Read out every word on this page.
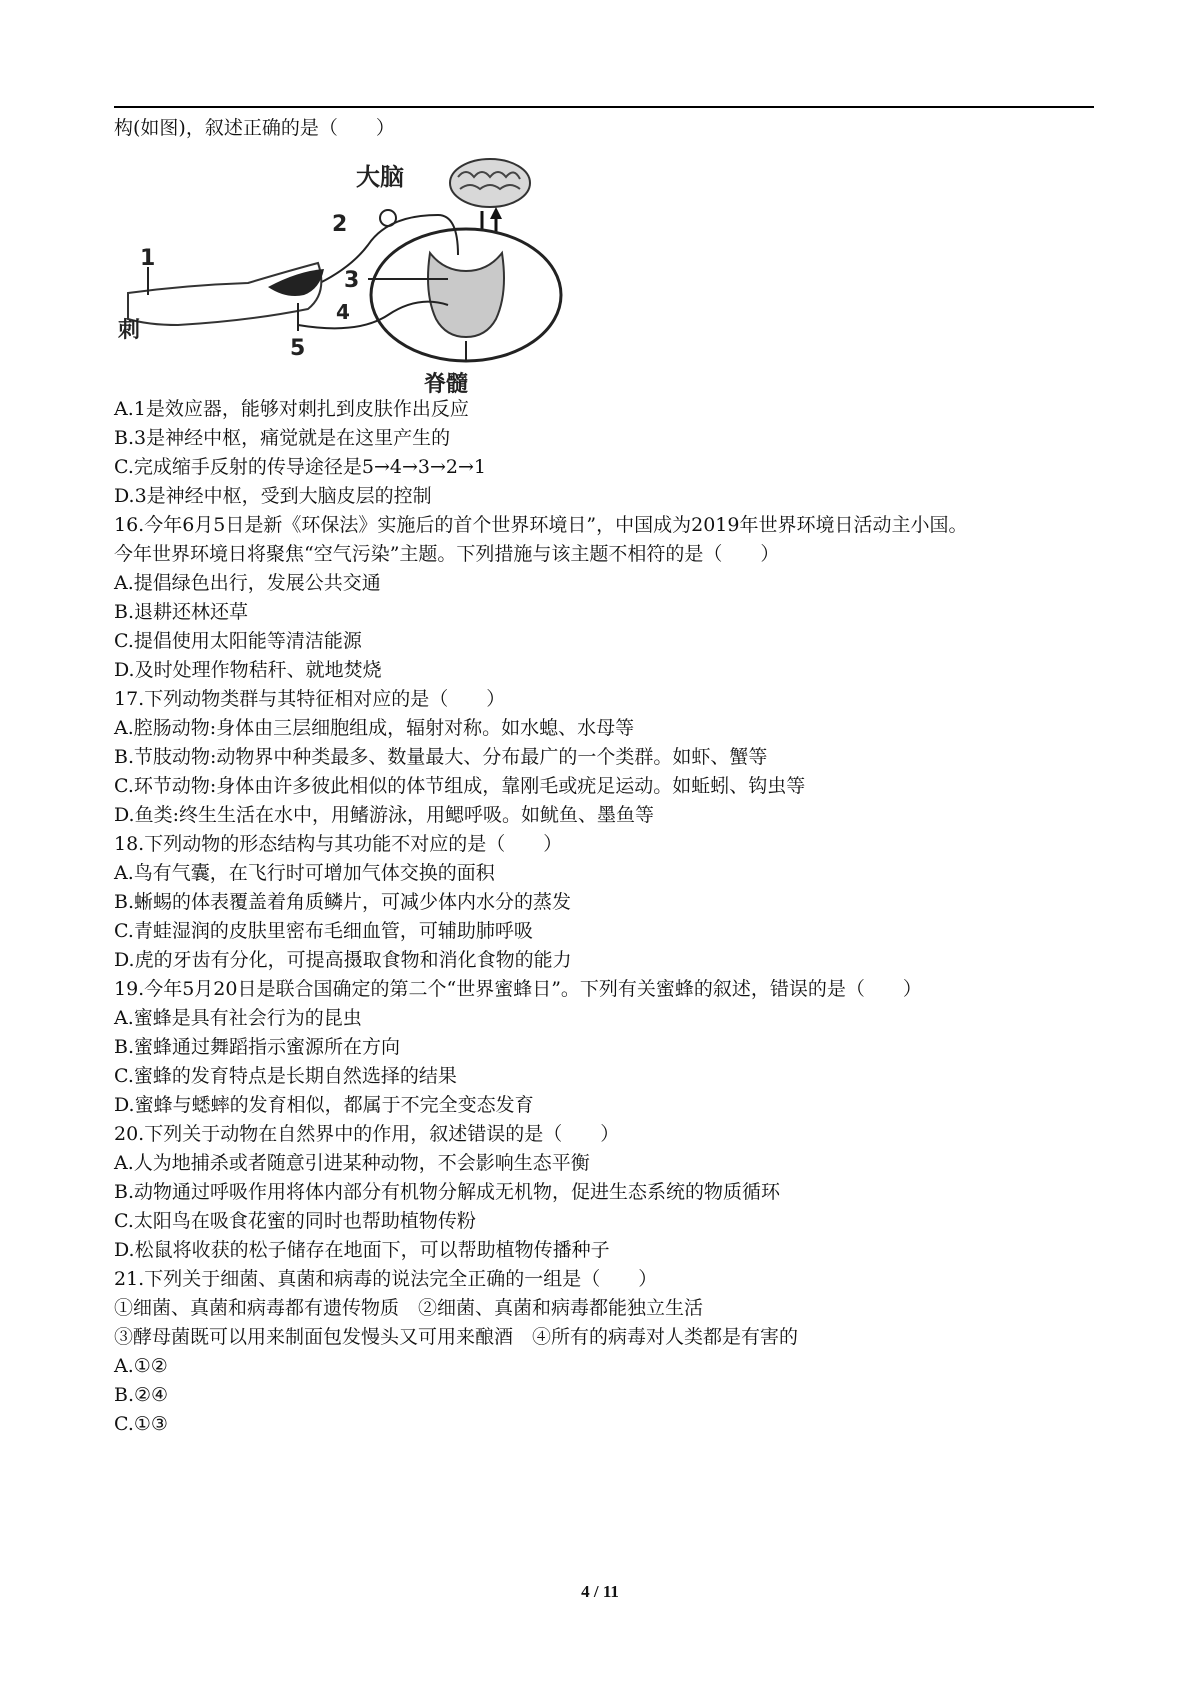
构(如图)，叙述正确的是（　　）
大脑
脊髓
2
4
3
5
1
刺
A.1是效应器，能够对刺扎到皮肤作出反应
B.3是神经中枢，痛觉就是在这里产生的
C.完成缩手反射的传导途径是5→4→3→2→1
D.3是神经中枢，受到大脑皮层的控制
16.今年6月5日是新《环保法》实施后的首个世界环境日”，中国成为2019年世界环境日活动主小国。
今年世界环境日将聚焦“空气污染”主题。下列措施与该主题不相符的是（　　）
A.提倡绿色出行，发展公共交通
B.退耕还林还草
C.提倡使用太阳能等清洁能源
D.及时处理作物秸秆、就地焚烧
17.下列动物类群与其特征相对应的是（　　）
A.腔肠动物:身体由三层细胞组成，辐射对称。如水螅、水母等
B.节肢动物:动物界中种类最多、数量最大、分布最广的一个类群。如虾、蟹等
C.环节动物:身体由许多彼此相似的体节组成，靠刚毛或疣足运动。如蚯蚓、钩虫等
D.鱼类:终生生活在水中，用鳍游泳，用鳃呼吸。如鱿鱼、墨鱼等
18.下列动物的形态结构与其功能不对应的是（　　）
A.鸟有气囊，在飞行时可增加气体交换的面积
B.蜥蜴的体表覆盖着角质鳞片，可减少体内水分的蒸发
C.青蛙湿润的皮肤里密布毛细血管，可辅助肺呼吸
D.虎的牙齿有分化，可提高摄取食物和消化食物的能力
19.今年5月20日是联合国确定的第二个“世界蜜蜂日”。下列有关蜜蜂的叙述，错误的是（　　）
A.蜜蜂是具有社会行为的昆虫
B.蜜蜂通过舞蹈指示蜜源所在方向
C.蜜蜂的发育特点是长期自然选择的结果
D.蜜蜂与蟋蟀的发育相似，都属于不完全变态发育
20.下列关于动物在自然界中的作用，叙述错误的是（　　）
A.人为地捕杀或者随意引进某种动物，不会影响生态平衡
B.动物通过呼吸作用将体内部分有机物分解成无机物，促进生态系统的物质循环
C.太阳鸟在吸食花蜜的同时也帮助植物传粉
D.松鼠将收获的松子储存在地面下，可以帮助植物传播种子
21.下列关于细菌、真菌和病毒的说法完全正确的一组是（　　）
①细菌、真菌和病毒都有遗传物质　②细菌、真菌和病毒都能独立生活
③酵母菌既可以用来制面包发慢头又可用来酿酒　④所有的病毒对人类都是有害的
A.①②
B.②④
C.①③
4 / 11
